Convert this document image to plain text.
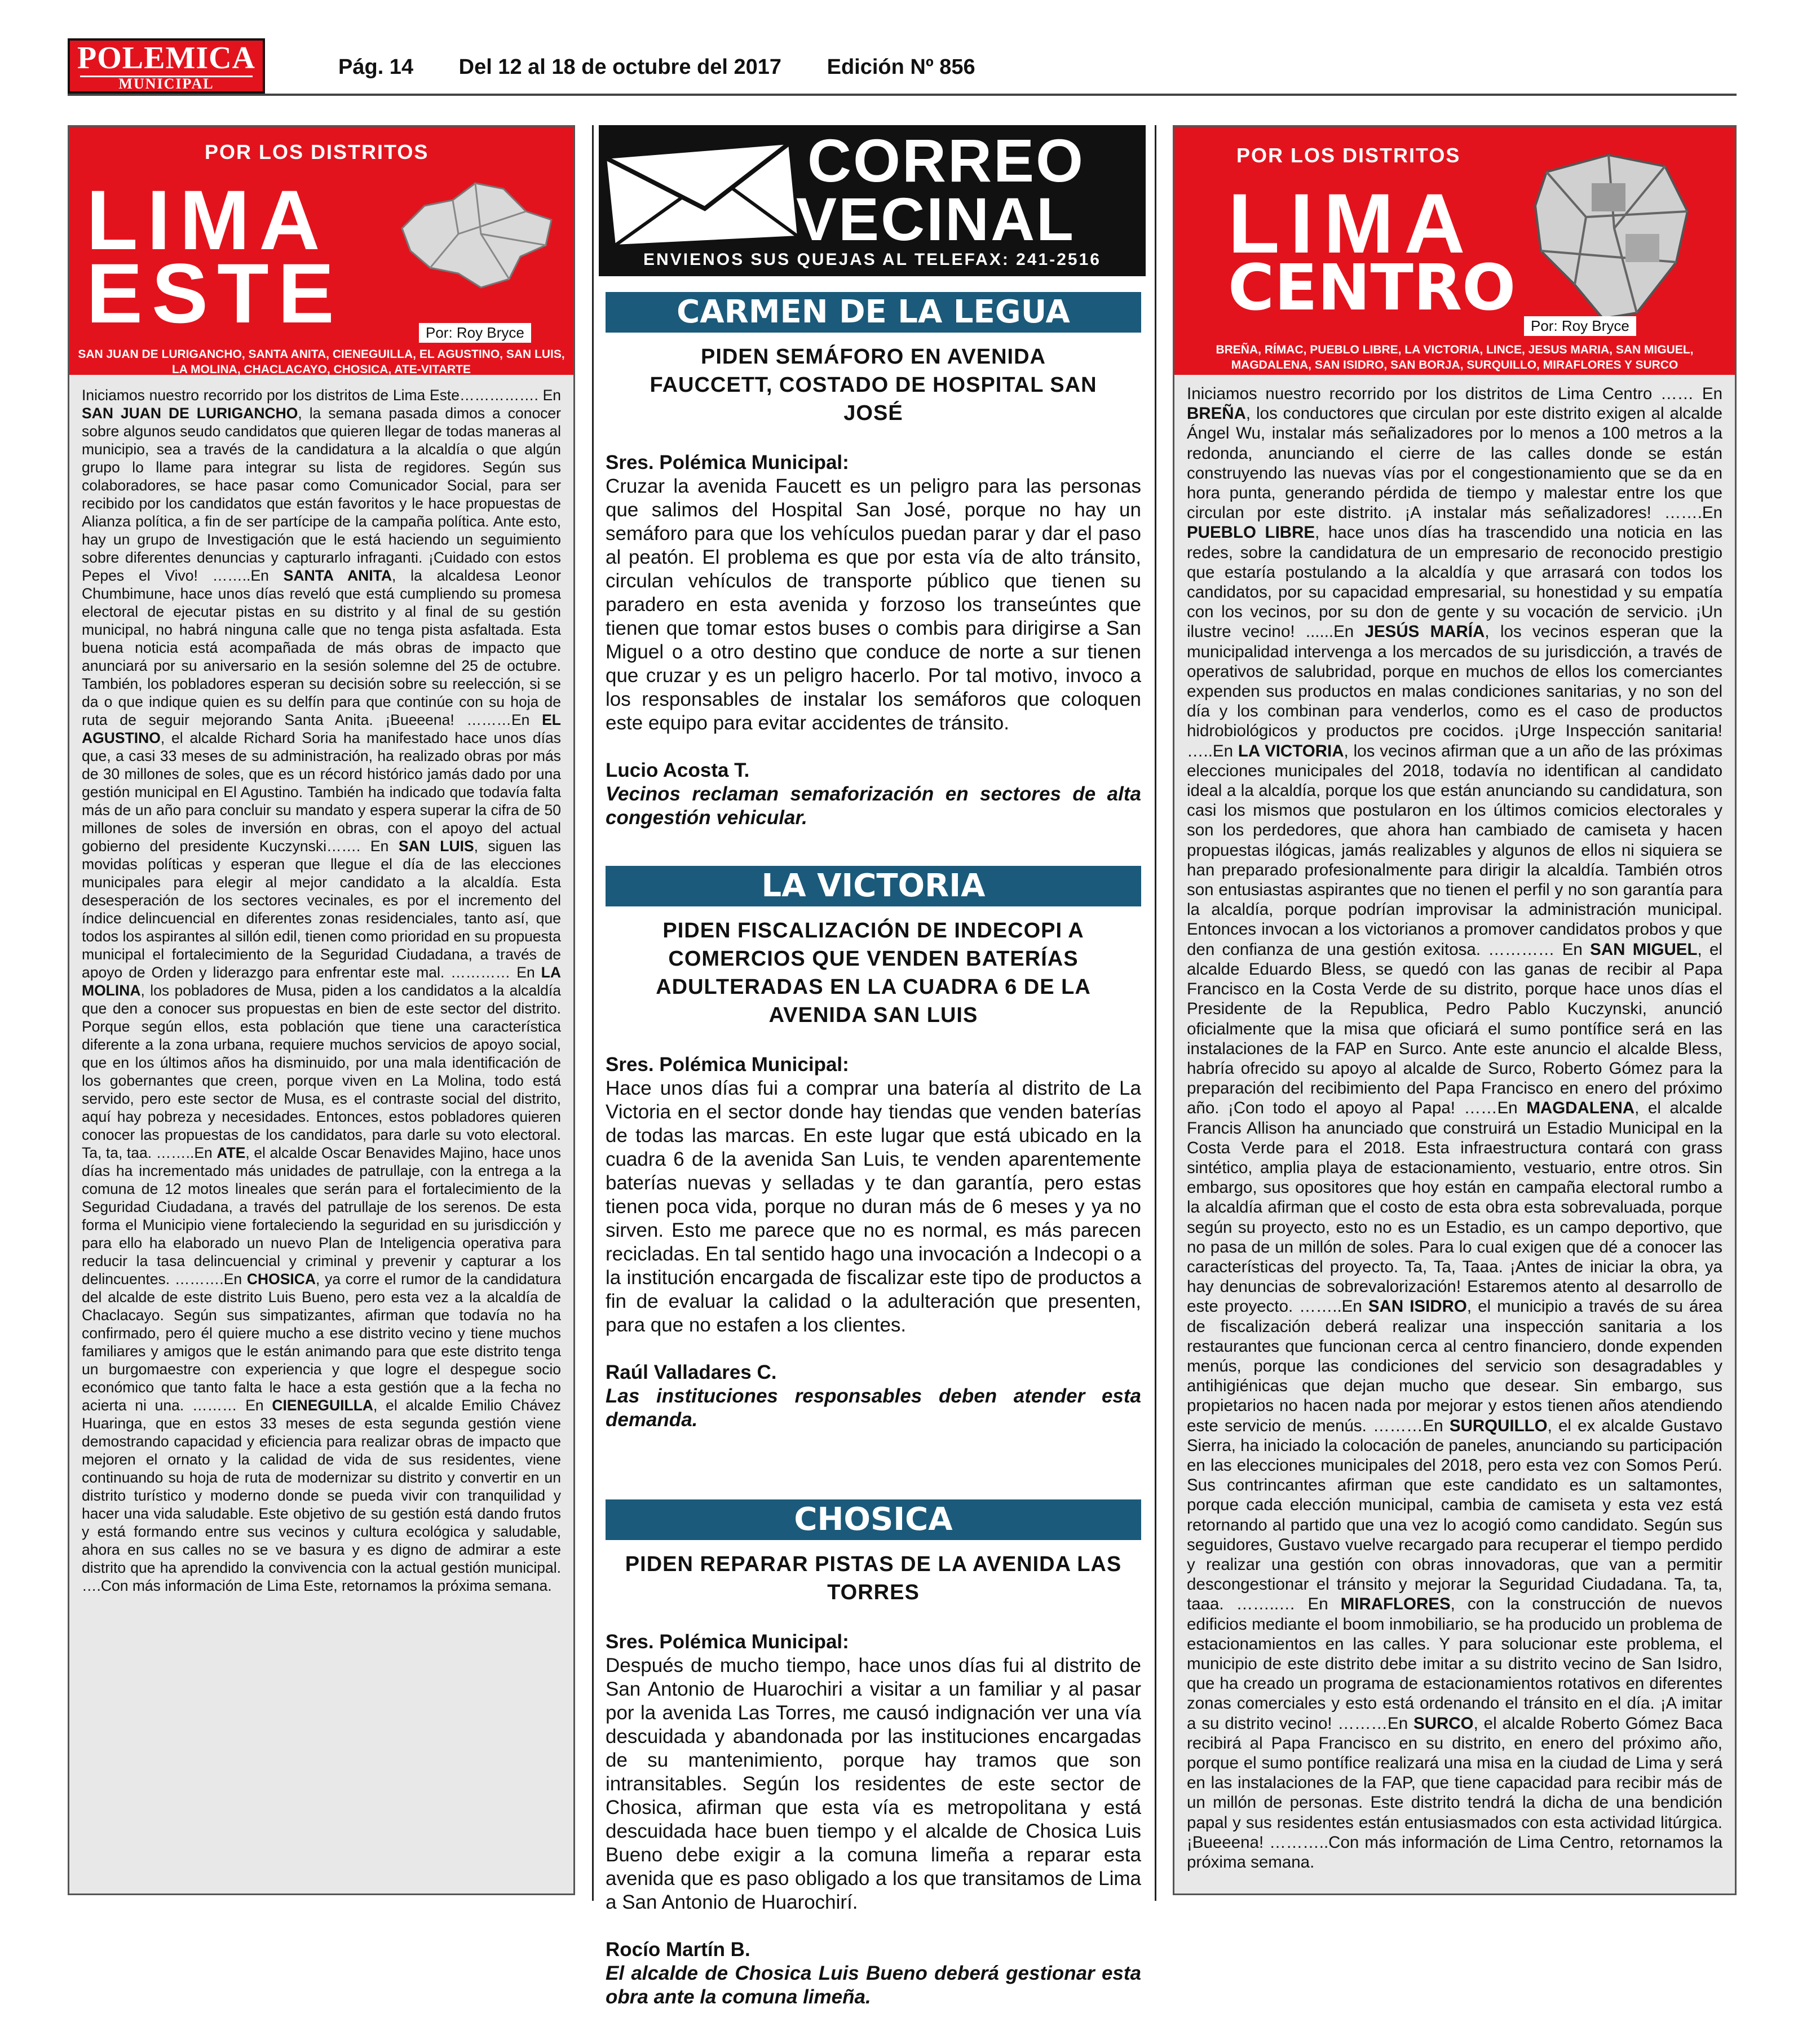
POLEMICA
MUNICIPAL
Pág. 14 Del 12 al 18 de octubre del 2017 Edición Nº 856
POR LOS DISTRITOS
LIMA
ESTE	Por: Roy Bryce
SAN JUAN DE LURIGANCHO, SANTA ANITA, CIENEGUILLA, EL AGUSTINO, SAN LUIS, LA MOLINA, CHACLACAYO, CHOSICA, ATE-VITARTE
Iniciamos nuestro recorrido por los distritos de Lima Este……………. En SAN JUAN DE LURIGANCHO, la semana pasada dimos a conocer sobre algunos seudo candidatos que quieren llegar de todas maneras al municipio, sea a través de la candidatura a la alcaldía o que algún grupo lo llame para integrar su lista de regidores. Según sus colaboradores, se hace pasar como Comunicador Social, para ser recibido por los candidatos que están favoritos y le hace propuestas de Alianza política, a fin de ser partícipe de la campaña política. Ante esto, hay un grupo de Investigación que le está haciendo un seguimiento sobre diferentes denuncias y capturarlo infraganti. ¡Cuidado con estos Pepes el Vivo! ……..En SANTA ANITA, la alcaldesa Leonor Chumbimune, hace unos días reveló que está cumpliendo su promesa electoral de ejecutar pistas en su distrito y al final de su gestión municipal, no habrá ninguna calle que no tenga pista asfaltada. Esta buena noticia está acompañada de más obras de impacto que anunciará por su aniversario en la sesión solemne del 25 de octubre. También, los pobladores esperan su decisión sobre su reelección, si se da o que indique quien es su delfín para que continúe con su hoja de ruta de seguir mejorando Santa Anita. ¡Bueeena! ………En EL AGUSTINO, el alcalde Richard Soria ha manifestado hace unos días que, a casi 33 meses de su administración, ha realizado obras por más de 30 millones de soles, que es un récord histórico jamás dado por una gestión municipal en El Agustino. También ha indicado que todavía falta más de un año para concluir su mandato y espera superar la cifra de 50 millones de soles de inversión en obras, con el apoyo del actual gobierno del presidente Kuczynski……. En SAN LUIS, siguen las movidas políticas y esperan que llegue el día de las elecciones municipales para elegir al mejor candidato a la alcaldía. Esta desesperación de los sectores vecinales, es por el incremento del índice delincuencial en diferentes zonas residenciales, tanto así, que todos los aspirantes al sillón edil, tienen como prioridad en su propuesta municipal el fortalecimiento de la Seguridad Ciudadana, a través de apoyo de Orden y liderazgo para enfrentar este mal. ………… En LA MOLINA, los pobladores de Musa, piden a los candidatos a la alcaldía que den a conocer sus propuestas en bien de este sector del distrito. Porque según ellos, esta población que tiene una característica diferente a la zona urbana, requiere muchos servicios de apoyo social, que en los últimos años ha disminuido, por una mala identificación de los gobernantes que creen, porque viven en La Molina, todo está servido, pero este sector de Musa, es el contraste social del distrito, aquí hay pobreza y necesidades. Entonces, estos pobladores quieren conocer las propuestas de los candidatos, para darle su voto electoral. Ta, ta, taa. ……..En ATE, el alcalde Oscar Benavides Majino, hace unos días ha incrementado más unidades de patrullaje, con la entrega a la comuna de 12 motos lineales que serán para el fortalecimiento de la Seguridad Ciudadana, a través del patrullaje de los serenos. De esta forma el Municipio viene fortaleciendo la seguridad en su jurisdicción y para ello ha elaborado un nuevo Plan de Inteligencia operativa para reducir la tasa delincuencial y criminal y prevenir y capturar a los delincuentes. ……….En CHOSICA, ya corre el rumor de la candidatura del alcalde de este distrito Luis Bueno, pero esta vez a la alcaldía de Chaclacayo. Según sus simpatizantes, afirman que todavía no ha confirmado, pero él quiere mucho a ese distrito vecino y tiene muchos familiares y amigos que le están animando para que este distrito tenga un burgomaestre con experiencia y que logre el despegue socio económico que tanto falta le hace a esta gestión que a la fecha no acierta ni una. ……… En CIENEGUILLA, el alcalde Emilio Chávez Huaringa, que en estos 33 meses de esta segunda gestión viene demostrando capacidad y eficiencia para realizar obras de impacto que mejoren el ornato y la calidad de vida de sus residentes, viene continuando su hoja de ruta de modernizar su distrito y convertir en un distrito turístico y moderno donde se pueda vivir con tranquilidad y hacer una vida saludable. Este objetivo de su gestión está dando frutos y está formando entre sus vecinos y cultura ecológica y saludable, ahora en sus calles no se ve basura y es digno de admirar a este distrito que ha aprendido la convivencia con la actual gestión municipal. ….Con más información de Lima Este, retornamos la próxima semana.
CORREO
VECINAL
ENVIENOS SUS QUEJAS AL TELEFAX: 241-2516
CARMEN DE LA LEGUA
PIDEN SEMÁFORO EN AVENIDA FAUCCETT, COSTADO DE HOSPITAL SAN JOSÉ
Sres. Polémica Municipal:
Cruzar la avenida Faucett es un peligro para las personas que salimos del Hospital San José, porque no hay un semáforo para que los vehículos puedan parar y dar el paso al peatón. El problema es que por esta vía de alto tránsito, circulan vehículos de transporte público que tienen su paradero en esta avenida y forzoso los transeúntes que tienen que tomar estos buses o combis para dirigirse a San Miguel o a otro destino que conduce de norte a sur tienen que cruzar y es un peligro hacerlo. Por tal motivo, invoco a los responsables de instalar los semáforos que coloquen este equipo para evitar accidentes de tránsito.
Lucio Acosta T.
Vecinos reclaman semaforización en sectores de alta congestión vehicular.
LA VICTORIA
PIDEN FISCALIZACIÓN DE INDECOPI A COMERCIOS QUE VENDEN BATERÍAS ADULTERADAS EN LA CUADRA 6 DE LA AVENIDA SAN LUIS
Sres. Polémica Municipal:
Hace unos días fui a comprar una batería al distrito de La Victoria en el sector donde hay tiendas que venden baterías de todas las marcas. En este lugar que está ubicado en la cuadra 6 de la avenida San Luis, te venden aparentemente baterías nuevas y selladas y te dan garantía, pero estas tienen poca vida, porque no duran más de 6 meses y ya no sirven. Esto me parece que no es normal, es más parecen recicladas. En tal sentido hago una invocación a Indecopi o a la institución encargada de fiscalizar este tipo de productos a fin de evaluar la calidad o la adulteración que presenten, para que no estafen a los clientes.
Raúl Valladares C.
Las instituciones responsables deben atender esta demanda.
CHOSICA
PIDEN REPARAR PISTAS DE LA AVENIDA LAS TORRES
Sres. Polémica Municipal:
Después de mucho tiempo, hace unos días fui al distrito de San Antonio de Huarochiri a visitar a un familiar y al pasar por la avenida Las Torres, me causó indignación ver una vía descuidada y abandonada por las instituciones encargadas de su mantenimiento, porque hay tramos que son intransitables. Según los residentes de este sector de Chosica, afirman que esta vía es metropolitana y está descuidada hace buen tiempo y el alcalde de Chosica Luis Bueno debe exigir a la comuna limeña a reparar esta avenida que es paso obligado a los que transitamos de Lima a San Antonio de Huarochirí.
Rocío Martín B.
El alcalde de Chosica Luis Bueno deberá gestionar esta obra ante la comuna limeña.
POR LOS DISTRITOS
LIMA
CENTRO
Por: Roy Bryce
BREÑA, RÍMAC, PUEBLO LIBRE, LA VICTORIA, LINCE, JESUS MARIA, SAN MIGUEL, MAGDALENA, SAN ISIDRO, SAN BORJA, SURQUILLO, MIRAFLORES Y SURCO
Iniciamos nuestro recorrido por los distritos de Lima Centro …… En BREÑA, los conductores que circulan por este distrito exigen al alcalde Ángel Wu, instalar más señalizadores por lo menos a 100 metros a la redonda, anunciando el cierre de las calles donde se están construyendo las nuevas vías por el congestionamiento que se da en hora punta, generando pérdida de tiempo y malestar entre los que circulan por este distrito. ¡A instalar más señalizadores! …….En PUEBLO LIBRE, hace unos días ha trascendido una noticia en las redes, sobre la candidatura de un empresario de reconocido prestigio que estaría postulando a la alcaldía y que arrasará con todos los candidatos, por su capacidad empresarial, su honestidad y su empatía con los vecinos, por su don de gente y su vocación de servicio. ¡Un ilustre vecino! ......En JESÚS MARÍA, los vecinos esperan que la municipalidad intervenga a los mercados de su jurisdicción, a través de operativos de salubridad, porque en muchos de ellos los comerciantes expenden sus productos en malas condiciones sanitarias, y no son del día y los combinan para venderlos, como es el caso de productos hidrobiológicos y productos pre cocidos. ¡Urge Inspección sanitaria! …..En LA VICTORIA, los vecinos afirman que a un año de las próximas elecciones municipales del 2018, todavía no identifican al candidato ideal a la alcaldía, porque los que están anunciando su candidatura, son casi los mismos que postularon en los últimos comicios electorales y son los perdedores, que ahora han cambiado de camiseta y hacen propuestas ilógicas, jamás realizables y algunos de ellos ni siquiera se han preparado profesionalmente para dirigir la alcaldía. También otros son entusiastas aspirantes que no tienen el perfil y no son garantía para la alcaldía, porque podrían improvisar la administración municipal. Entonces invocan a los victorianos a promover candidatos probos y que den confianza de una gestión exitosa. ………… En SAN MIGUEL, el alcalde Eduardo Bless, se quedó con las ganas de recibir al Papa Francisco en la Costa Verde de su distrito, porque hace unos días el Presidente de la Republica, Pedro Pablo Kuczynski, anunció oficialmente que la misa que oficiará el sumo pontífice será en las instalaciones de la FAP en Surco. Ante este anuncio el alcalde Bless, habría ofrecido su apoyo al alcalde de Surco, Roberto Gómez para la preparación del recibimiento del Papa Francisco en enero del próximo año. ¡Con todo el apoyo al Papa! ……En MAGDALENA, el alcalde Francis Allison ha anunciado que construirá un Estadio Municipal en la Costa Verde para el 2018. Esta infraestructura contará con grass sintético, amplia playa de estacionamiento, vestuario, entre otros. Sin embargo, sus opositores que hoy están en campaña electoral rumbo a la alcaldía afirman que el costo de esta obra esta sobrevaluada, porque según su proyecto, esto no es un Estadio, es un campo deportivo, que no pasa de un millón de soles. Para lo cual exigen que dé a conocer las características del proyecto. Ta, Ta, Taaa. ¡Antes de iniciar la obra, ya hay denuncias de sobrevalorización! Estaremos atento al desarrollo de este proyecto. ……..En SAN ISIDRO, el municipio a través de su área de fiscalización deberá realizar una inspección sanitaria a los restaurantes que funcionan cerca al centro financiero, donde expenden menús, porque las condiciones del servicio son desagradables y antihigiénicas que dejan mucho que desear. Sin embargo, sus propietarios no hacen nada por mejorar y estos tienen años atendiendo este servicio de menús. ………En SURQUILLO, el ex alcalde Gustavo Sierra, ha iniciado la colocación de paneles, anunciando su participación en las elecciones municipales del 2018, pero esta vez con Somos Perú. Sus contrincantes afirman que este candidato es un saltamontes, porque cada elección municipal, cambia de camiseta y esta vez está retornando al partido que una vez lo acogió como candidato. Según sus seguidores, Gustavo vuelve recargado para recuperar el tiempo perdido y realizar una gestión con obras innovadoras, que van a permitir descongestionar el tránsito y mejorar la Seguridad Ciudadana. Ta, ta, taaa. ……..… En MIRAFLORES, con la construcción de nuevos edificios mediante el boom inmobiliario, se ha producido un problema de estacionamientos en las calles. Y para solucionar este problema, el municipio de este distrito debe imitar a su distrito vecino de San Isidro, que ha creado un programa de estacionamientos rotativos en diferentes zonas comerciales y esto está ordenando el tránsito en el día. ¡A imitar a su distrito vecino! ………En SURCO, el alcalde Roberto Gómez Baca recibirá al Papa Francisco en su distrito, en enero del próximo año, porque el sumo pontífice realizará una misa en la ciudad de Lima y será en las instalaciones de la FAP, que tiene capacidad para recibir más de un millón de personas. Este distrito tendrá la dicha de una bendición papal y sus residentes están entusiasmados con esta actividad litúrgica. ¡Bueeena! ………..Con más información de Lima Centro, retornamos la próxima semana.
